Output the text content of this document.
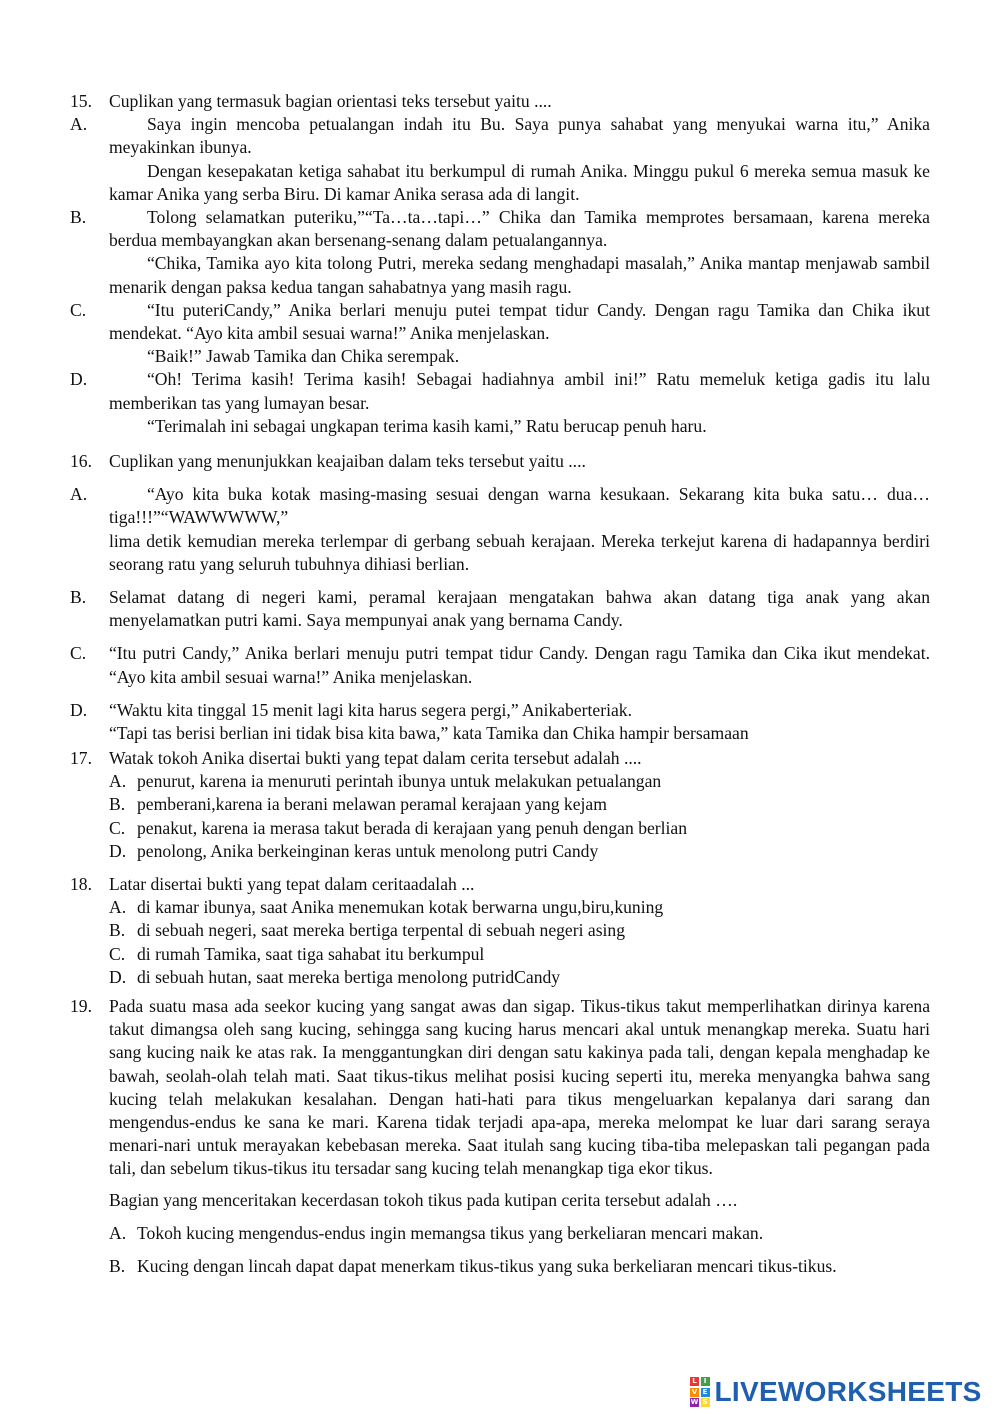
15. Cuplikan yang termasuk bagian orientasi teks tersebut yaitu ....
A.	Saya ingin mencoba petualangan indah itu Bu. Saya punya sahabat yang menyukai warna itu,” Anika meyakinkan ibunya.
Dengan kesepakatan ketiga sahabat itu berkumpul di rumah Anika. Minggu pukul 6 mereka semua masuk ke kamar Anika yang serba Biru. Di kamar Anika serasa ada di langit.
B.	Tolong selamatkan puteriku,”“Ta…ta…tapi…” Chika dan Tamika memprotes bersamaan, karena mereka berdua membayangkan akan bersenang-senang dalam petualangannya.
“Chika, Tamika ayo kita tolong Putri, mereka sedang menghadapi masalah,” Anika mantap menjawab sambil menarik dengan paksa kedua tangan sahabatnya yang masih ragu.
C.	“Itu puteriCandy,” Anika berlari menuju putei tempat tidur Candy. Dengan ragu Tamika dan Chika ikut mendekat. “Ayo kita ambil sesuai warna!” Anika menjelaskan.
“Baik!” Jawab Tamika dan Chika serempak.
D.	“Oh! Terima kasih! Terima kasih! Sebagai hadiahnya ambil ini!” Ratu memeluk ketiga gadis itu lalu memberikan tas yang lumayan besar.
“Terimalah ini sebagai ungkapan terima kasih kami,” Ratu berucap penuh haru.
16. Cuplikan yang menunjukkan keajaiban dalam teks tersebut yaitu ....
A.	“Ayo kita buka kotak masing-masing sesuai dengan warna kesukaan. Sekarang kita buka satu… dua… tiga!!!”“WAWWWWW,”
lima detik kemudian mereka terlempar di gerbang sebuah kerajaan. Mereka terkejut karena di hadapannya berdiri seorang ratu yang seluruh tubuhnya dihiasi berlian.
B. Selamat datang di negeri kami, peramal kerajaan mengatakan bahwa akan datang tiga anak yang akan menyelamatkan putri kami. Saya mempunyai anak yang bernama Candy.
C. “Itu putri Candy,” Anika berlari menuju putri tempat tidur Candy. Dengan ragu Tamika dan Cika ikut mendekat. “Ayo kita ambil sesuai warna!” Anika menjelaskan.
D. “Waktu kita tinggal 15 menit lagi kita harus segera pergi,” Anikaberteriak.
“Tapi tas berisi berlian ini tidak bisa kita bawa,” kata Tamika dan Chika hampir bersamaan
17. Watak tokoh Anika disertai bukti yang tepat dalam cerita tersebut adalah ....
A. penurut, karena ia menuruti perintah ibunya untuk melakukan petualangan
B. pemberani,karena ia berani melawan peramal kerajaan yang kejam
C. penakut, karena ia merasa takut berada di kerajaan yang penuh dengan berlian
D. penolong, Anika berkeinginan keras untuk menolong putri Candy
18. Latar disertai bukti yang tepat dalam ceritaadalah ...
A. di kamar ibunya, saat Anika menemukan kotak berwarna ungu,biru,kuning
B. di sebuah negeri, saat mereka bertiga terpental di sebuah negeri asing
C. di rumah Tamika, saat tiga sahabat itu berkumpul
D. di sebuah hutan, saat mereka bertiga menolong putridCandy
19. Pada suatu masa ada seekor kucing yang sangat awas dan sigap. Tikus-tikus takut memperlihatkan dirinya karena takut dimangsa oleh sang kucing, sehingga sang kucing harus mencari akal untuk menangkap mereka. Suatu hari sang kucing naik ke atas rak. Ia menggantungkan diri dengan satu kakinya pada tali, dengan kepala menghadap ke bawah, seolah-olah telah mati. Saat tikus-tikus melihat posisi kucing seperti itu, mereka menyangka bahwa sang kucing telah melakukan kesalahan. Dengan hati-hati para tikus mengeluarkan kepalanya dari sarang dan mengendus-endus ke sana ke mari. Karena tidak terjadi apa-apa, mereka melompat ke luar dari sarang seraya menari-nari untuk merayakan kebebasan mereka. Saat itulah sang kucing tiba-tiba melepaskan tali pegangan pada tali, dan sebelum tikus-tikus itu tersadar sang kucing telah menangkap tiga ekor tikus.
Bagian yang menceritakan kecerdasan tokoh tikus pada kutipan cerita tersebut adalah ….
A. Tokoh kucing mengendus-endus ingin memangsa tikus yang berkeliaran mencari makan.
B. Kucing dengan lincah dapat dapat menerkam tikus-tikus yang suka berkeliaran mencari tikus-tikus.
L I
V E
W S LIVEWORKSHEETS
